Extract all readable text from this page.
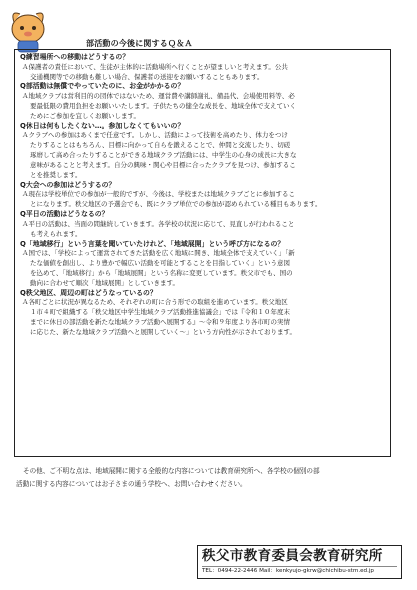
部活動の今後に関するＱ＆Ａ

Q練習場所への移動はどうするの？

Ａ保護者の責任において、生徒が主体的に活動場所へ行くことが望ましいと考えます。公共
交通機関等での移動も難しい場合、保護者の送迎をお願いすることもあります。

Q部活動は無償でやっていたのに、お金がかかるの？

Ａ地域クラブは営利目的の団体ではないため、運営費や講師謝礼、備品代、会場使用料等、必
要最低限の費用負担をお願いいたします。子供たちの健全な成長を、地域全体で支えていく
ためにご参加を宜しくお願いします。

Q休日は何もしたくない…。参加しなくてもいいの？

Ａクラブへの参加はあくまで任意です。しかし、活動によって技術を高めたり、体力をつけ
たりすることはもちろん、目標に向かって自らを鍛えることで、仲間と交流したり、切磋
琢磨して高め合ったりすることができる地域クラブ活動には、中学生の心身の成長に大きな
意味があることと考えます。自分の興味・関心や目標に合ったクラブを見つけ、参加するこ
とを推奨します。

Q大会への参加はどうするの？

Ａ現在は学校単位での参加が一般的ですが、今後は、学校または地域クラブごとに参加するこ
とになります。秩父地区の予選会でも、既にクラブ単位での参加が認められている種目もあります。

Q平日の活動はどうなるの？

Ａ平日の活動は、当面の間継続していきます。各学校の状況に応じて、見直しが行われること
も考えられます。

Q「地域移行」という言葉を聞いていたけれど、「地域展開」という呼び方になるの？

Ａ国では、「学校によって運営されてきた活動を広く地域に開き、地域全体で支えていく」「新
たな価値を創出し、より豊かで幅広い活動を可能とすることを目指していく」という意図
を込めて、「地域移行」から「地域展開」という名称に変更しています。秩父市でも、国の
動向に合わせて順次「地域展開」としていきます。

Q秩父地区、周辺の町はどうなっているの？

Ａ各町ごとに状況が異なるため、それぞれの町に合う形での取組を進めています。秩父地区
１市４町で組織する「秩父地区中学生地域クラブ活動推進協議会」では『令和１０年度末
までに休日の部活動を新たな地域クラブ活動へ展開する』～令和９年度より各市町の実情
に応じた、新たな地域クラブ活動へと展開していく～」という方向性が示されております。
その他、ご不明な点は、地域展開に関する全般的な内容については教育研究所へ、各学校の個別の部
活動に関する内容についてはお子さまの通う学校へ、お問い合わせください。
秩父市教育委員会教育研究所
TEL：0494-22-2446 Mail：kenkyujo-gkrw@chichibu-stm.ed.jp
